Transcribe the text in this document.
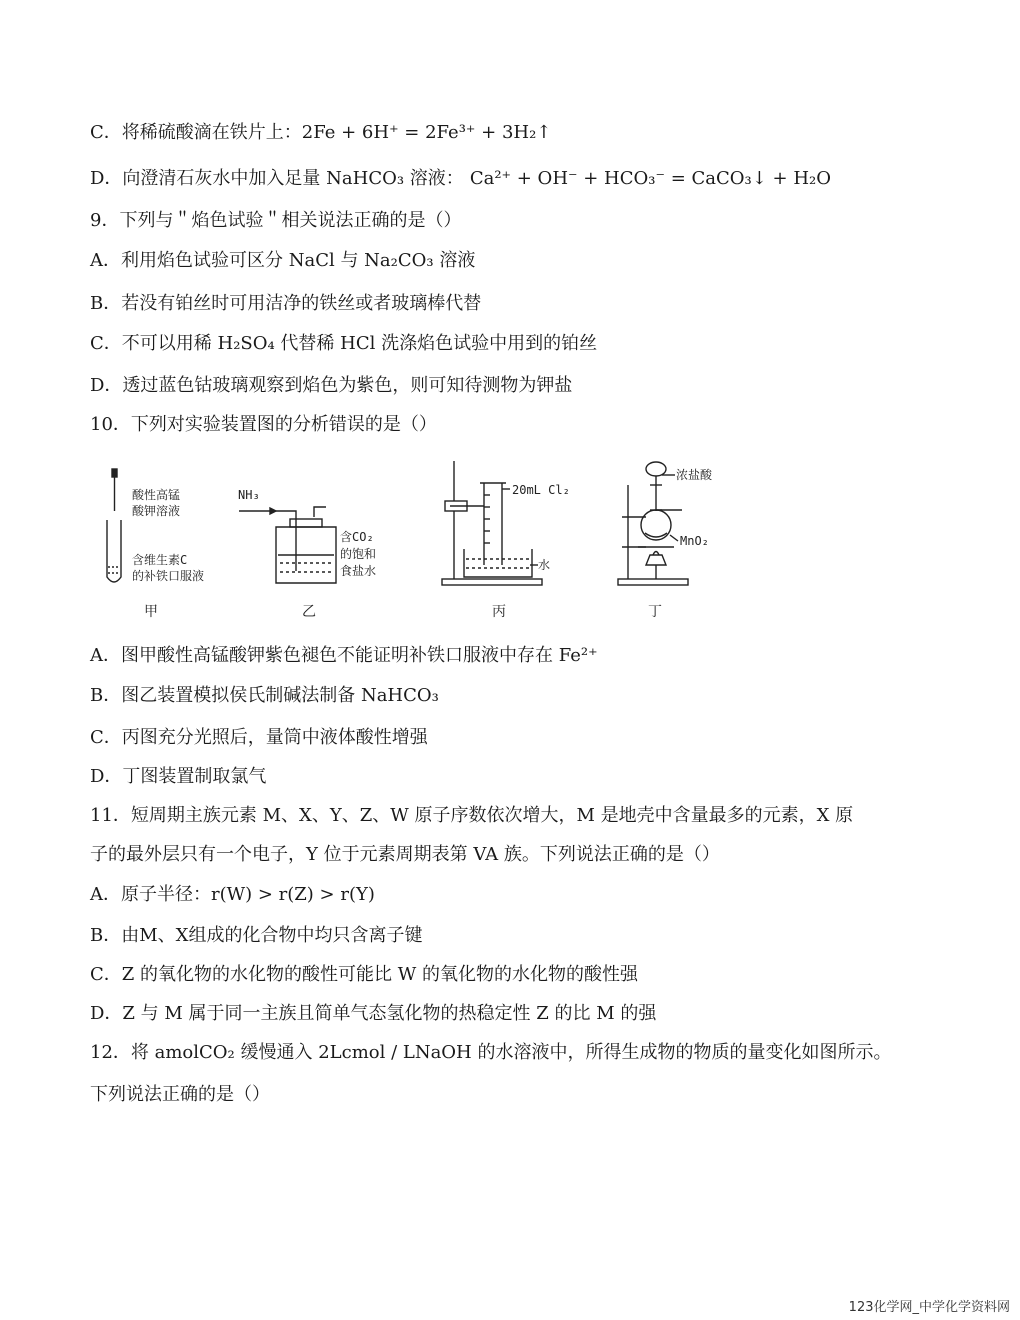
C．将稀硫酸滴在铁片上：2Fe + 6H⁺ = 2Fe³⁺ + 3H₂↑
D．向澄清石灰水中加入足量 NaHCO₃ 溶液： Ca²⁺ + OH⁻ + HCO₃⁻ = CaCO₃↓ + H₂O
9．下列与＂焰色试验＂相关说法正确的是（）
A．利用焰色试验可区分 NaCl 与 Na₂CO₃ 溶液
B．若没有铂丝时可用洁净的铁丝或者玻璃棒代替
C．不可以用稀 H₂SO₄ 代替稀 HCl 洗涤焰色试验中用到的铂丝
D．透过蓝色钴玻璃观察到焰色为紫色，则可知待测物为钾盐
10．下列对实验装置图的分析错误的是（）
酸性高锰
酸钾溶液
含维生素C
的补铁口服液
甲
NH₃
含CO₂
的饱和
食盐水
乙
20mL Cl₂
水
丙
浓盐酸
MnO₂
丁
A．图甲酸性高锰酸钾紫色褪色不能证明补铁口服液中存在 Fe²⁺
B．图乙装置模拟侯氏制碱法制备 NaHCO₃
C．丙图充分光照后，量筒中液体酸性增强
D．丁图装置制取氯气
11．短周期主族元素 M、X、Y、Z、W 原子序数依次增大，M 是地壳中含量最多的元素，X 原
子的最外层只有一个电子，Y 位于元素周期表第 VA 族。下列说法正确的是（）
A．原子半径：r(W) > r(Z) > r(Y)
B．由M、X组成的化合物中均只含离子键
C．Z 的氧化物的水化物的酸性可能比 W 的氧化物的水化物的酸性强
D．Z 与 M 属于同一主族且简单气态氢化物的热稳定性 Z 的比 M 的强
12．将 amolCO₂ 缓慢通入 2Lcmol / LNaOH 的水溶液中，所得生成物的物质的量变化如图所示。
下列说法正确的是（）
123化学网_中学化学资料网
